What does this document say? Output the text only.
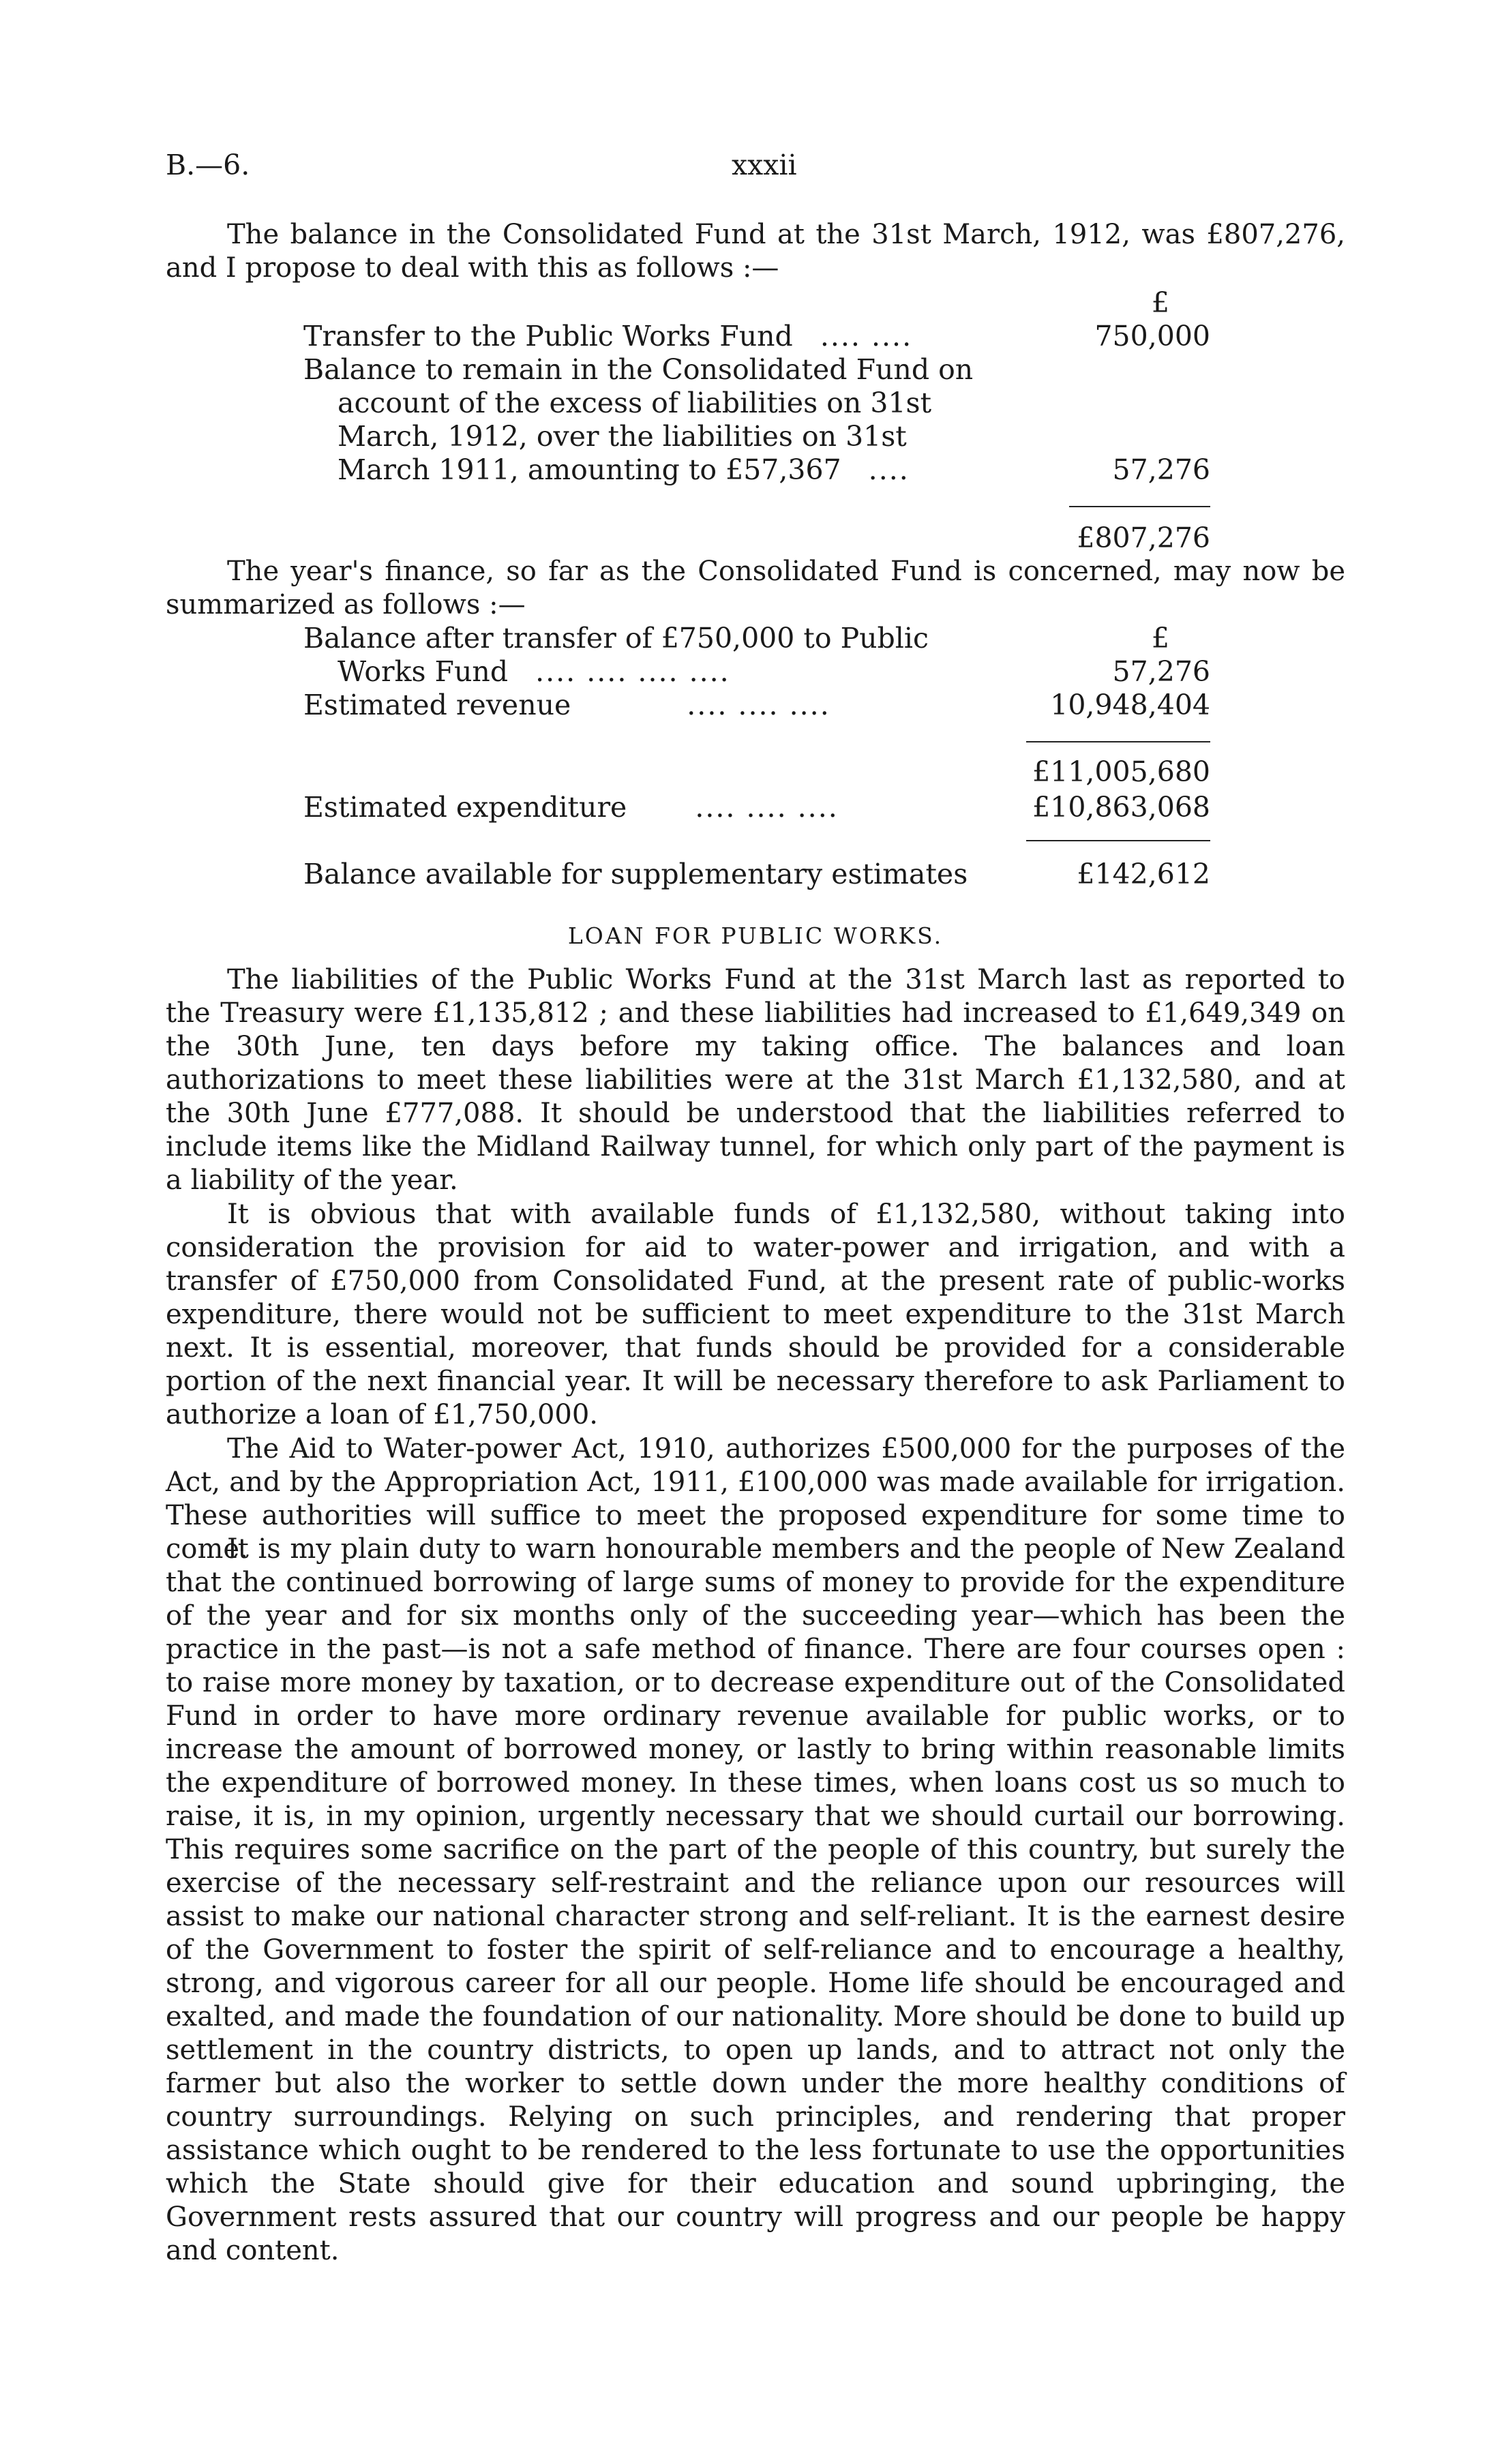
B.—6.	xxxii

The balance in the Consolidated Fund at the 31st March, 1912, was £807,276, and I propose to deal with this as follows :—

£
Transfer to the Public Works Fund .... ....	750,000
Balance to remain in the Consolidated Fund on
account of the excess of liabilities on 31st
March, 1912, over the liabilities on 31st
March 1911, amounting to £57,367 ....	57,276
£807,276

The year's finance, so far as the Consolidated Fund is concerned, may now be summarized as follows :—

Balance after transfer of £750,000 to Public
Works Fund .... .... .... ....	57,276
£
Estimated revenue	.... .... ....	10,948,404
£11,005,680
Estimated expenditure .... .... ....	£10,863,068
Balance available for supplementary estimates	£142,612
LOAN FOR PUBLIC WORKS.

The liabilities of the Public Works Fund at the 31st March last as reported to the Treasury were £1,135,812 ; and these liabilities had increased to £1,649,349 on the 30th June, ten days before my taking office. The balances and loan authorizations to meet these liabilities were at the 31st March £1,132,580, and at the 30th June £777,088. It should be understood that the liabilities referred to include items like the Midland Railway tunnel, for which only part of the payment is a liability of the year.

It is obvious that with available funds of £1,132,580, without taking into consideration the provision for aid to water-power and irrigation, and with a transfer of £750,000 from Consolidated Fund, at the present rate of public-works expenditure, there would not be sufficient to meet expenditure to the 31st March next. It is essential, moreover, that funds should be provided for a considerable portion of the next financial year. It will be necessary therefore to ask Parliament to authorize a loan of £1,750,000.

The Aid to Water-power Act, 1910, authorizes £500,000 for the purposes of the Act, and by the Appropriation Act, 1911, £100,000 was made available for irrigation. These authorities will suffice to meet the proposed expenditure for some time to come.

It is my plain duty to warn honourable members and the people of New Zealand that the continued borrowing of large sums of money to provide for the expenditure of the year and for six months only of the succeeding year—which has been the practice in the past—is not a safe method of finance. There are four courses open : to raise more money by taxation, or to decrease expenditure out of the Consolidated Fund in order to have more ordinary revenue available for public works, or to increase the amount of borrowed money, or lastly to bring within reasonable limits the expenditure of borrowed money. In these times, when loans cost us so much to raise, it is, in my opinion, urgently necessary that we should curtail our borrowing. This requires some sacrifice on the part of the people of this country, but surely the exercise of the necessary self-restraint and the reliance upon our resources will assist to make our national character strong and self-reliant. It is the earnest desire of the Government to foster the spirit of self-reliance and to encourage a healthy, strong, and vigorous career for all our people. Home life should be encouraged and exalted, and made the foundation of our nationality. More should be done to build up settlement in the country districts, to open up lands, and to attract not only the farmer but also the worker to settle down under the more healthy conditions of country surroundings. Relying on such principles, and rendering that proper assistance which ought to be rendered to the less fortunate to use the opportunities which the State should give for their education and sound upbringing, the Government rests assured that our country will progress and our people be happy and content.
